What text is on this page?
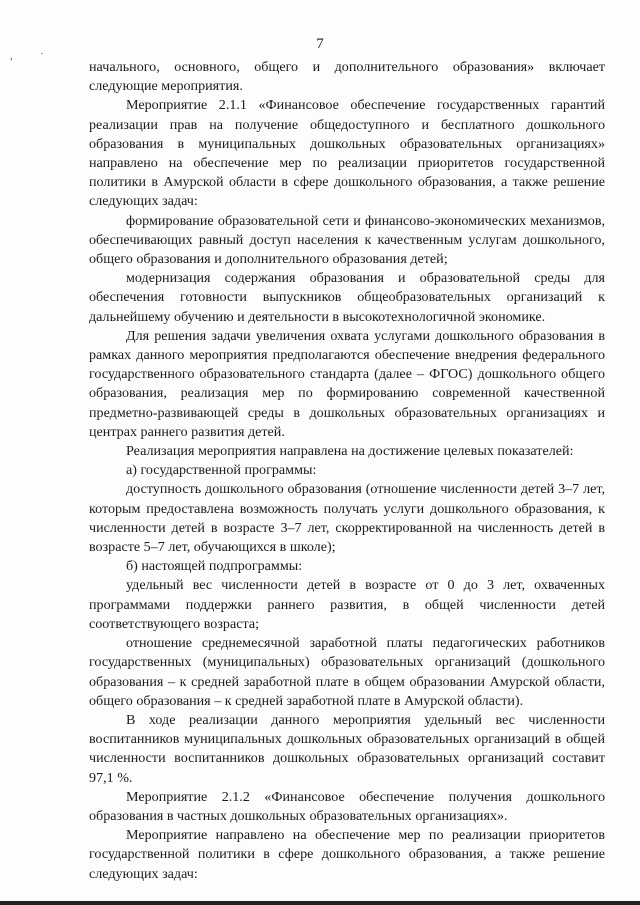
7
, ·

начального, основного, общего и дополнительного образования» включает следующие мероприятия.

Мероприятие 2.1.1 «Финансовое обеспечение государственных гарантий реализации прав на получение общедоступного и бесплатного дошкольного образования в муниципальных дошкольных образовательных организациях» направлено на обеспечение мер по реализации приоритетов государственной политики в Амурской области в сфере дошкольного образования, а также решение следующих задач:

формирование образовательной сети и финансово-экономических механизмов, обеспечивающих равный доступ населения к качественным услугам дошкольного, общего образования и дополнительного образования детей;

модернизация содержания образования и образовательной среды для обеспечения готовности выпускников общеобразовательных организаций к дальнейшему обучению и деятельности в высокотехнологичной экономике.

Для решения задачи увеличения охвата услугами дошкольного образования в рамках данного мероприятия предполагаются обеспечение внедрения федерального государственного образовательного стандарта (далее – ФГОС) дошкольного общего образования, реализация мер по формированию современной качественной предметно-развивающей среды в дошкольных образовательных организациях и центрах раннего развития детей.

Реализация мероприятия направлена на достижение целевых показателей:

а) государственной программы:

доступность дошкольного образования (отношение численности детей 3–7 лет, которым предоставлена возможность получать услуги дошкольного образования, к численности детей в возрасте 3–7 лет, скорректированной на численность детей в возрасте 5–7 лет, обучающихся в школе);

б) настоящей подпрограммы:

удельный вес численности детей в возрасте от 0 до 3 лет, охваченных программами поддержки раннего развития, в общей численности детей соответствующего возраста;

отношение среднемесячной заработной платы педагогических работников государственных (муниципальных) образовательных организаций (дошкольного образования – к средней заработной плате в общем образовании Амурской области, общего образования – к средней заработной плате в Амурской области).

В ходе реализации данного мероприятия удельный вес численности воспитанников муниципальных дошкольных образовательных организаций в общей численности воспитанников дошкольных образовательных организаций составит 97,1 %.

Мероприятие 2.1.2 «Финансовое обеспечение получения дошкольного образования в частных дошкольных образовательных организациях».

Мероприятие направлено на обеспечение мер по реализации приоритетов государственной политики в сфере дошкольного образования, а также решение следующих задач:
